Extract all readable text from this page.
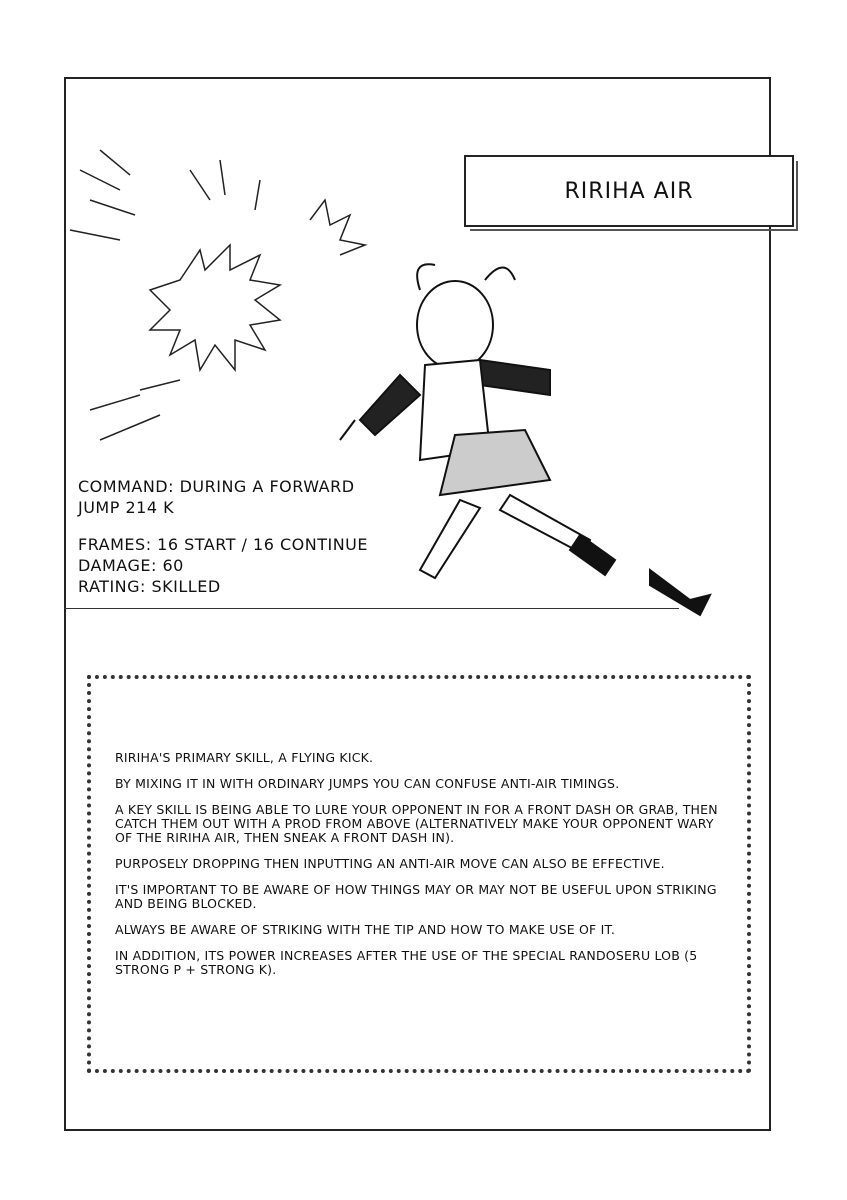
RIRIHA AIR
COMMAND: DURING A FORWARD
JUMP 214 K
FRAMES: 16 START / 16 CONTINUE
DAMAGE: 60
RATING: SKILLED

RIRIHA'S PRIMARY SKILL, A FLYING KICK.

BY MIXING IT IN WITH ORDINARY JUMPS YOU CAN CONFUSE ANTI-AIR TIMINGS.

A KEY SKILL IS BEING ABLE TO LURE YOUR OPPONENT IN FOR A FRONT DASH OR GRAB, THEN CATCH THEM OUT WITH A PROD FROM ABOVE (ALTERNATIVELY MAKE YOUR OPPONENT WARY OF THE RIRIHA AIR, THEN SNEAK A FRONT DASH IN).

PURPOSELY DROPPING THEN INPUTTING AN ANTI-AIR MOVE CAN ALSO BE EFFECTIVE.

IT'S IMPORTANT TO BE AWARE OF HOW THINGS MAY OR MAY NOT BE USEFUL UPON STRIKING AND BEING BLOCKED.

ALWAYS BE AWARE OF STRIKING WITH THE TIP AND HOW TO MAKE USE OF IT.

IN ADDITION, ITS POWER INCREASES AFTER THE USE OF THE SPECIAL RANDOSERU LOB (5 STRONG P + STRONG K).
